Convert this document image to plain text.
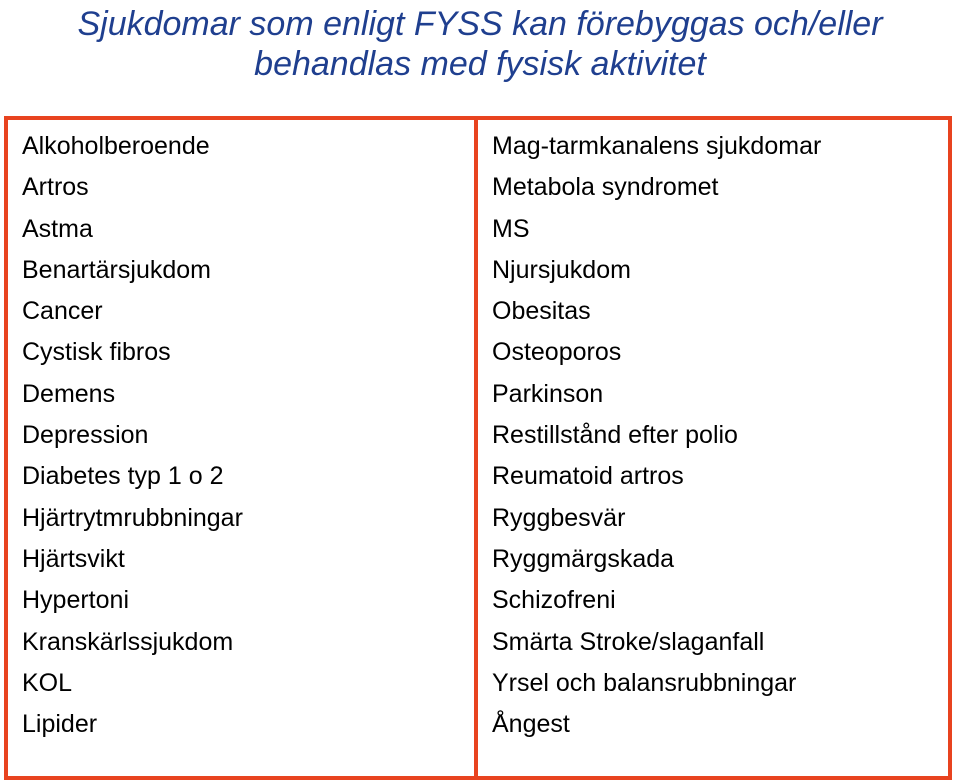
Sjukdomar som enligt FYSS kan förebyggas och/eller
behandlas med fysisk aktivitet
Alkoholberoende
Artros
Astma
Benartärsjukdom
Cancer
Cystisk fibros
Demens
Depression
Diabetes typ 1 o 2
Hjärtrytmrubbningar
Hjärtsvikt
Hypertoni
Kranskärlssjukdom
KOL
Lipider
Mag-tarmkanalens sjukdomar
Metabola syndromet
MS
Njursjukdom
Obesitas
Osteoporos
Parkinson
Restillstånd efter polio
Reumatoid artros
Ryggbesvär
Ryggmärgskada
Schizofreni
Smärta Stroke/slaganfall
Yrsel och balansrubbningar
Ångest
